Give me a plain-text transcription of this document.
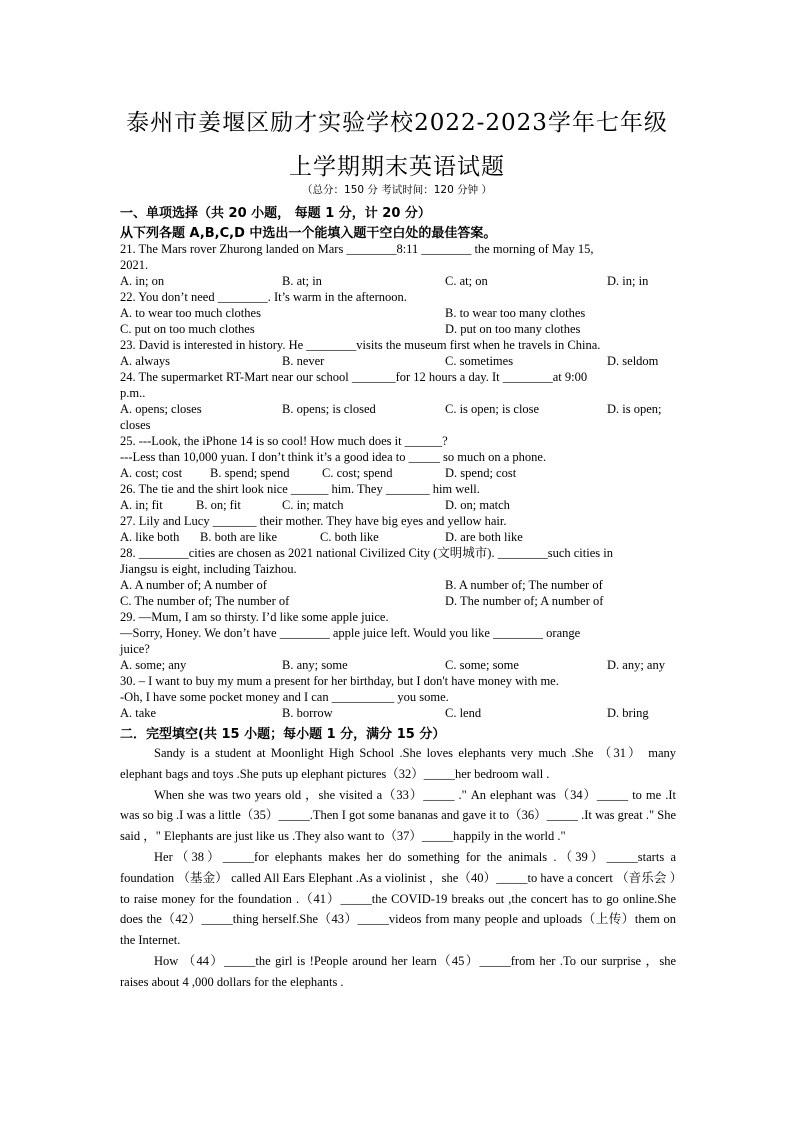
泰州市姜堰区励才实验学校2022-2023学年七年级
上学期期末英语试题
（总分：150 分 考试时间：120 分钟 ）
一、单项选择（共 20 小题， 每题 1 分，计 20 分）
从下列各题 A,B,C,D 中选出一个能填入题干空白处的最佳答案。
21. The Mars rover Zhurong landed on Mars ________8:11 ________ the morning of May 15,
2021.
A. in; on	B. at; in	C. at; on	D. in; in
22. You don’t need ________. It’s warm in the afternoon.
A. to wear too much clothes	B. to wear too many clothes
C. put on too much clothes	D. put on too many clothes
23. David is interested in history. He ________visits the museum first when he travels in China.
A. always	B. never	C. sometimes	D. seldom
24. The supermarket RT-Mart near our school _______for 12 hours a day. It ________at 9:00
p.m..
A. opens; closes	B. opens; is closed	C. is open; is close	D. is open;
closes
25. ---Look, the iPhone 14 is so cool! How much does it ______?
---Less than 10,000 yuan. I don’t think it’s a good idea to _____ so much on a phone.
A. cost; cost B. spend; spend	C. cost; spend	D. spend; cost
26. The tie and the shirt look nice ______ him. They _______ him well.
A. in; fit	B. on; fit	C. in; match	D. on; match
27. Lily and Lucy _______ their mother. They have big eyes and yellow hair.
A. like both B. both are like	C. both like	D. are both like
28. ________cities are chosen as 2021 national Civilized City (文明城市). ________such cities in
Jiangsu is eight, including Taizhou.
A. A number of; A number of	B. A number of; The number of
C. The number of; The number of	D. The number of; A number of
29. —Mum, I am so thirsty. I’d like some apple juice.
—Sorry, Honey. We don’t have ________ apple juice left. Would you like ________ orange
juice?
A. some; any	B. any; some	C. some; some	D. any; any
30. – I want to buy my mum a present for her birthday, but I don't have money with me.
-Oh, I have some pocket money and I can __________ you some.
A. take	B. borrow	C. lend	D. bring
二．完型填空(共 15 小题；每小题 1 分，满分 15 分）

Sandy is a student at Moonlight High School .She loves elephants very much .She （31） many elephant bags and toys .She puts up elephant pictures（32）_____her bedroom wall .

When she was two years old ，she visited a（33）_____ ." An elephant was（34）_____ to me .It was so big .I was a little（35）_____.Then I got some bananas and gave it to（36）_____ .It was great ." She said ，" Elephants are just like us .They also want to（37）_____happily in the world ."

Her（38）_____for elephants makes her do something for the animals .（39）_____starts a foundation （基金） called All Ears Elephant .As a violinist ，she（40）_____to have a concert （音乐会 ）to raise money for the foundation .（41）_____the COVID-19 breaks out ,the concert has to go online.She does the（42）_____thing herself.She（43）_____videos from many people and uploads（上传）them on the Internet.

How （44）_____the girl is !People around her learn（45）_____from her .To our surprise ，she raises about 4 ,000 dollars for the elephants .
